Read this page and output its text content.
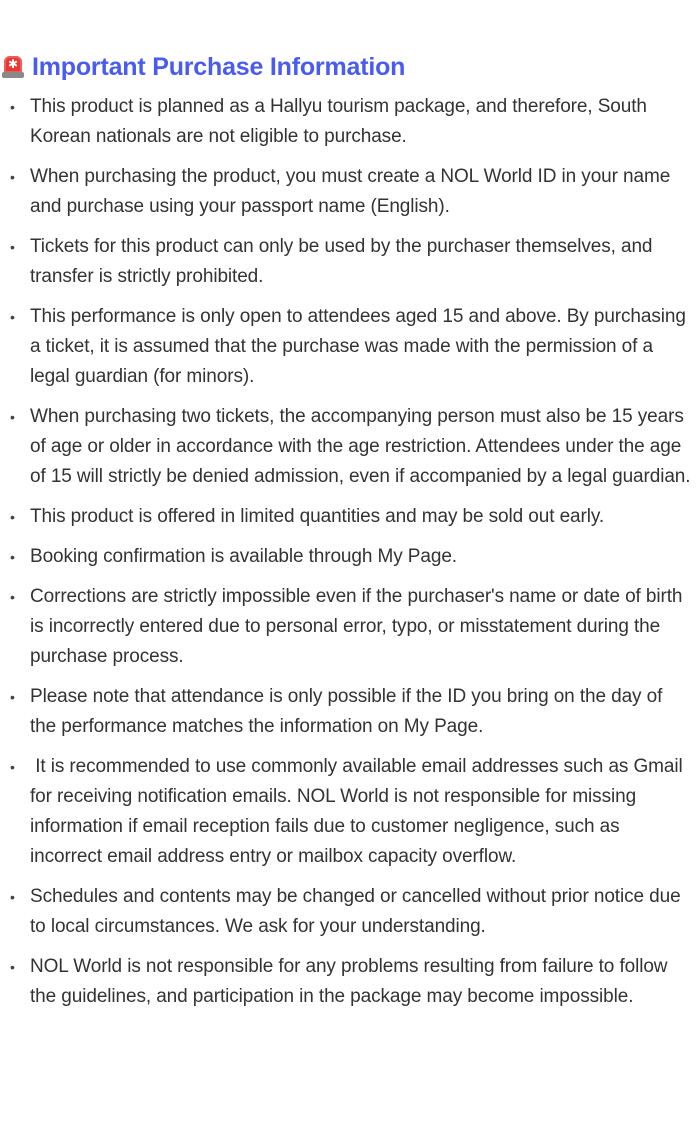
✱ Important Purchase Information
• This product is planned as a Hallyu tourism package, and therefore, South Korean nationals are not eligible to purchase.
• When purchasing the product, you must create a NOL World ID in your name and purchase using your passport name (English).
• Tickets for this product can only be used by the purchaser themselves, and transfer is strictly prohibited.
• This performance is only open to attendees aged 15 and above. By purchasing a ticket, it is assumed that the purchase was made with the permission of a legal guardian (for minors).
• When purchasing two tickets, the accompanying person must also be 15 years of age or older in accordance with the age restriction. Attendees under the age of 15 will strictly be denied admission, even if accompanied by a legal guardian.
• This product is offered in limited quantities and may be sold out early.
• Booking confirmation is available through My Page.
• Corrections are strictly impossible even if the purchaser's name or date of birth is incorrectly entered due to personal error, typo, or misstatement during the purchase process.
• Please note that attendance is only possible if the ID you bring on the day of the performance matches the information on My Page.
• It is recommended to use commonly available email addresses such as Gmail for receiving notification emails. NOL World is not responsible for missing information if email reception fails due to customer negligence, such as incorrect email address entry or mailbox capacity overflow.
• Schedules and contents may be changed or cancelled without prior notice due to local circumstances. We ask for your understanding.
• NOL World is not responsible for any problems resulting from failure to follow the guidelines, and participation in the package may become impossible.
